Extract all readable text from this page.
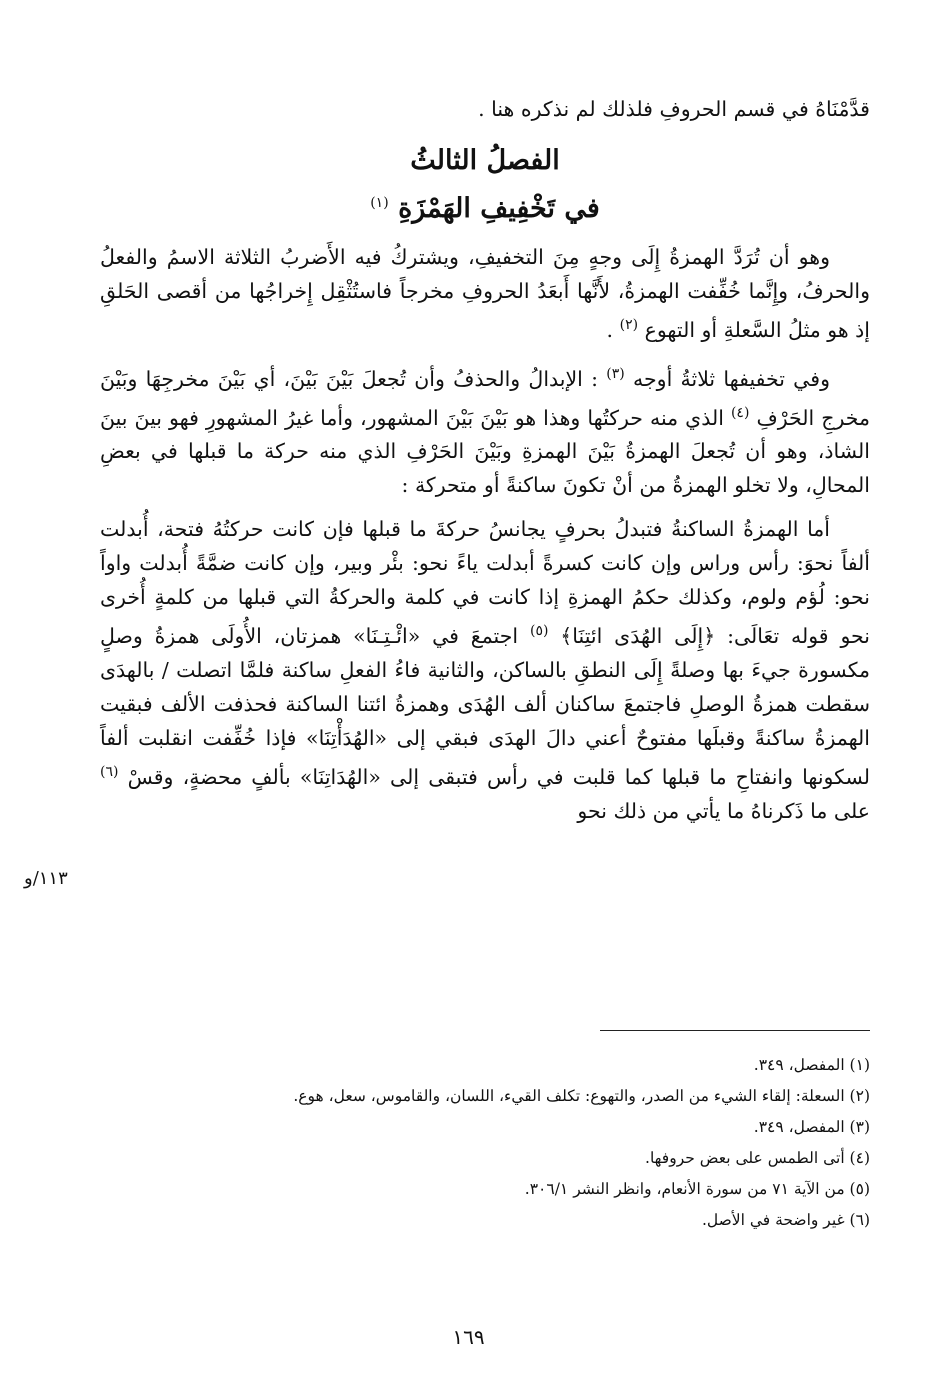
قدَّمْنَاهُ في قسم الحروفِ فلذلك لم نذكره هنا .

الفصلُ الثالثُ

في تَخْفِيفِ الهَمْزَةِ $^{(١)}$

وهو أن تُرَدَّ الهمزةُ إِلَى وجهٍ مِنَ التخفيفِ، ويشتركُ فيه الأَضربُ الثلاثة الاسمُ والفعلُ والحرفُ، وإِنَّما خُفِّفت الهمزةُ، لأَنَّها أَبعَدُ الحروفِ مخرجاً فاستُثْقِل إِخراجُها من أقصى الحَلقِ إذ هو مثلُ السَّعلةِ أو التهوع $^{(٢)}$ .

وفي تخفيفها ثلاثةُ أوجه $^{(٣)}$ : الإبدالُ والحذفُ وأن تُجعلَ بَيْنَ بَيْنَ، أي بَيْنَ مخرجِهَا وبَيْنَ مخرجِ الحَرْفِ $^{(٤)}$ الذي منه حركتُها وهذا هو بَيْنَ بَيْنَ المشهور، وأما غيرُ المشهورِ فهو بينَ بينَ الشاذ، وهو أن تُجعلَ الهمزةُ بَيْنَ الهمزةِ وبَيْنَ الحَرْفِ الذي منه حركة ما قبلها في بعضِ المحالِ، ولا تخلو الهمزةُ من أنْ تكونَ ساكنةً أو متحركة :

أما الهمزةُ الساكنةُ فتبدلُ بحرفٍ يجانسُ حركةَ ما قبلها فإن كانت حركتُهُ فتحة، أُبدلت ألفاً نحوَ: رأس وراس وإن كانت كسرةً أبدلت ياءً نحو: بئْر وبير، وإن كانت ضمَّةً أُبدلت واواً نحو: لُؤم ولوم، وكذلك حكمُ الهمزةِ إذا كانت في كلمة والحركةُ التي قبلها من كلمةٍ أُخرى نحو قوله تعَالَى: ﴿إِلَى الهُدَى ائتِنَا﴾ $^{(٥)}$ اجتمعَ في «ائْـتِـنَا» همزتان، الأُولَى همزةُ وصلٍ مكسورة جيءَ بها وصلةً إِلَى النطقِ بالساكن، والثانية فاءُ الفعلِ ساكنة فلمَّا اتصلت / بالهدَى سقطت همزةُ الوصلِ فاجتمعَ ساكنان ألف الهُدَى وهمزةُ ائتنا الساكنة فحذفت الألف فبقيت الهمزةُ ساكنةً وقبلَها مفتوحٌ أعني دالَ الهدَى فبقي إلى «الهُدَأْتِنَا» فإذا خُفِّفت انقلبت ألفاً لسكونها وانفتاحِ ما قبلها كما قلبت في رأس فتبقى إلى «الهُدَاتِنَا» بألفٍ محضةٍ، وقسْ $^{(٦)}$ على ما ذَكرناهُ ما يأتي من ذلك نحو

١١٣/و
(١) المفصل، ٣٤٩.
(٢) السعلة: إلقاء الشيء من الصدر، والتهوع: تكلف القيء، اللسان، والقاموس، سعل، هوع.
(٣) المفصل، ٣٤٩.
(٤) أتى الطمس على بعض حروفها.
(٥) من الآية ٧١ من سورة الأنعام، وانظر النشر ٣٠٦/١.
(٦) غير واضحة في الأصل.
١٦٩
